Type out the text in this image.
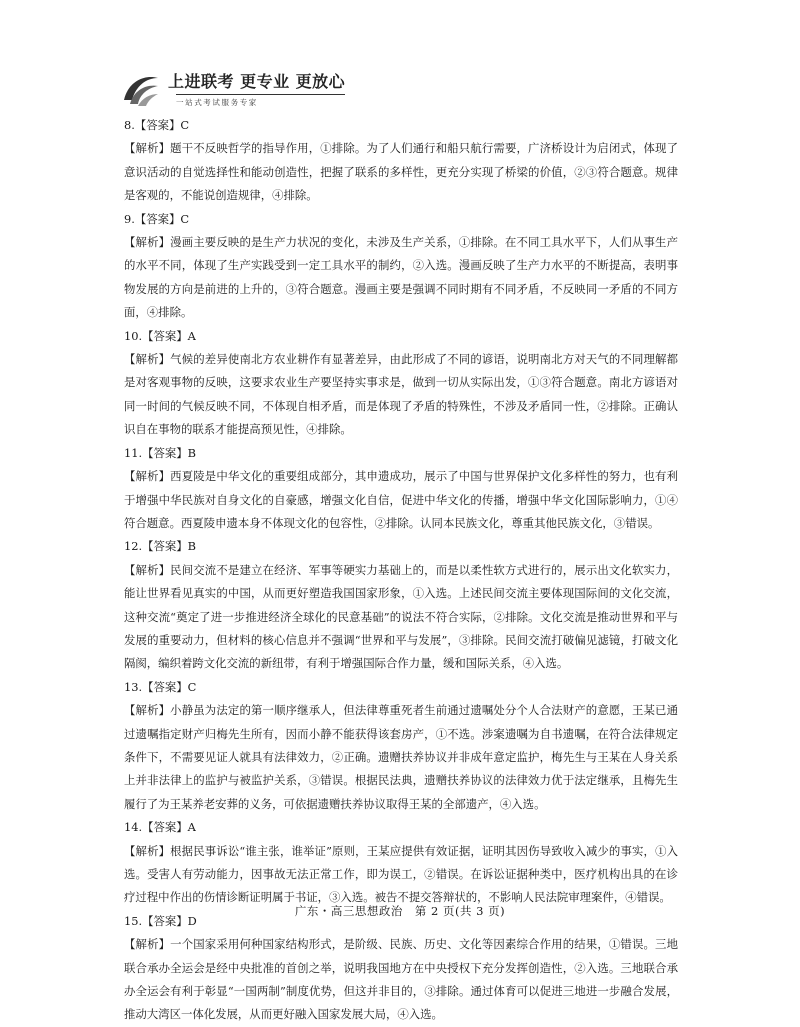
上进联考 更专业 更放心
一站式考试服务专家
8.【答案】C
【解析】题干不反映哲学的指导作用，①排除。为了人们通行和船只航行需要，广济桥设计为启闭式，体现了意识活动的自觉选择性和能动创造性，把握了联系的多样性，更充分实现了桥梁的价值，②③符合题意。规律是客观的，不能说创造规律，④排除。
9.【答案】C
【解析】漫画主要反映的是生产力状况的变化，未涉及生产关系，①排除。在不同工具水平下，人们从事生产的水平不同，体现了生产实践受到一定工具水平的制约，②入选。漫画反映了生产力水平的不断提高，表明事物发展的方向是前进的上升的，③符合题意。漫画主要是强调不同时期有不同矛盾，不反映同一矛盾的不同方面，④排除。
10.【答案】A
【解析】气候的差异使南北方农业耕作有显著差异，由此形成了不同的谚语，说明南北方对天气的不同理解都是对客观事物的反映，这要求农业生产要坚持实事求是，做到一切从实际出发，①③符合题意。南北方谚语对同一时间的气候反映不同，不体现自相矛盾，而是体现了矛盾的特殊性，不涉及矛盾同一性，②排除。正确认识自在事物的联系才能提高预见性，④排除。
11.【答案】B
【解析】西夏陵是中华文化的重要组成部分，其申遗成功，展示了中国与世界保护文化多样性的努力，也有利于增强中华民族对自身文化的自豪感，增强文化自信，促进中华文化的传播，增强中华文化国际影响力，①④符合题意。西夏陵申遗本身不体现文化的包容性，②排除。认同本民族文化，尊重其他民族文化，③错误。
12.【答案】B
【解析】民间交流不是建立在经济、军事等硬实力基础上的，而是以柔性软方式进行的，展示出文化软实力，能让世界看见真实的中国，从而更好塑造我国国家形象，①入选。上述民间交流主要体现国际间的文化交流，这种交流“奠定了进一步推进经济全球化的民意基础”的说法不符合实际，②排除。文化交流是推动世界和平与发展的重要动力，但材料的核心信息并不强调“世界和平与发展”，③排除。民间交流打破偏见滤镜，打破文化隔阂，编织着跨文化交流的新纽带，有利于增强国际合作力量，缓和国际关系，④入选。
13.【答案】C
【解析】小静虽为法定的第一顺序继承人，但法律尊重死者生前通过遗嘱处分个人合法财产的意愿，王某已通过遗嘱指定财产归梅先生所有，因而小静不能获得该套房产，①不选。涉案遗嘱为自书遗嘱，在符合法律规定条件下，不需要见证人就具有法律效力，②正确。遗赠扶养协议并非成年意定监护，梅先生与王某在人身关系上并非法律上的监护与被监护关系，③错误。根据民法典，遗赠扶养协议的法律效力优于法定继承，且梅先生履行了为王某养老安葬的义务，可依据遗赠扶养协议取得王某的全部遗产，④入选。
14.【答案】A
【解析】根据民事诉讼“谁主张，谁举证”原则，王某应提供有效证据，证明其因伤导致收入减少的事实，①入选。受害人有劳动能力，因事故无法正常工作，即为误工，②错误。在诉讼证据种类中，医疗机构出具的在诊疗过程中作出的伤情诊断证明属于书证，③入选。被告不提交答辩状的，不影响人民法院审理案件，④错误。
15.【答案】D
【解析】一个国家采用何种国家结构形式，是阶级、民族、历史、文化等因素综合作用的结果，①错误。三地联合承办全运会是经中央批准的首创之举，说明我国地方在中央授权下充分发挥创造性，②入选。三地联合承办全运会有利于彰显“一国两制”制度优势，但这并非目的，③排除。通过体育可以促进三地进一步融合发展，推动大湾区一体化发展，从而更好融入国家发展大局，④入选。
广东・高三思想政治　第 2 页(共 3 页)
